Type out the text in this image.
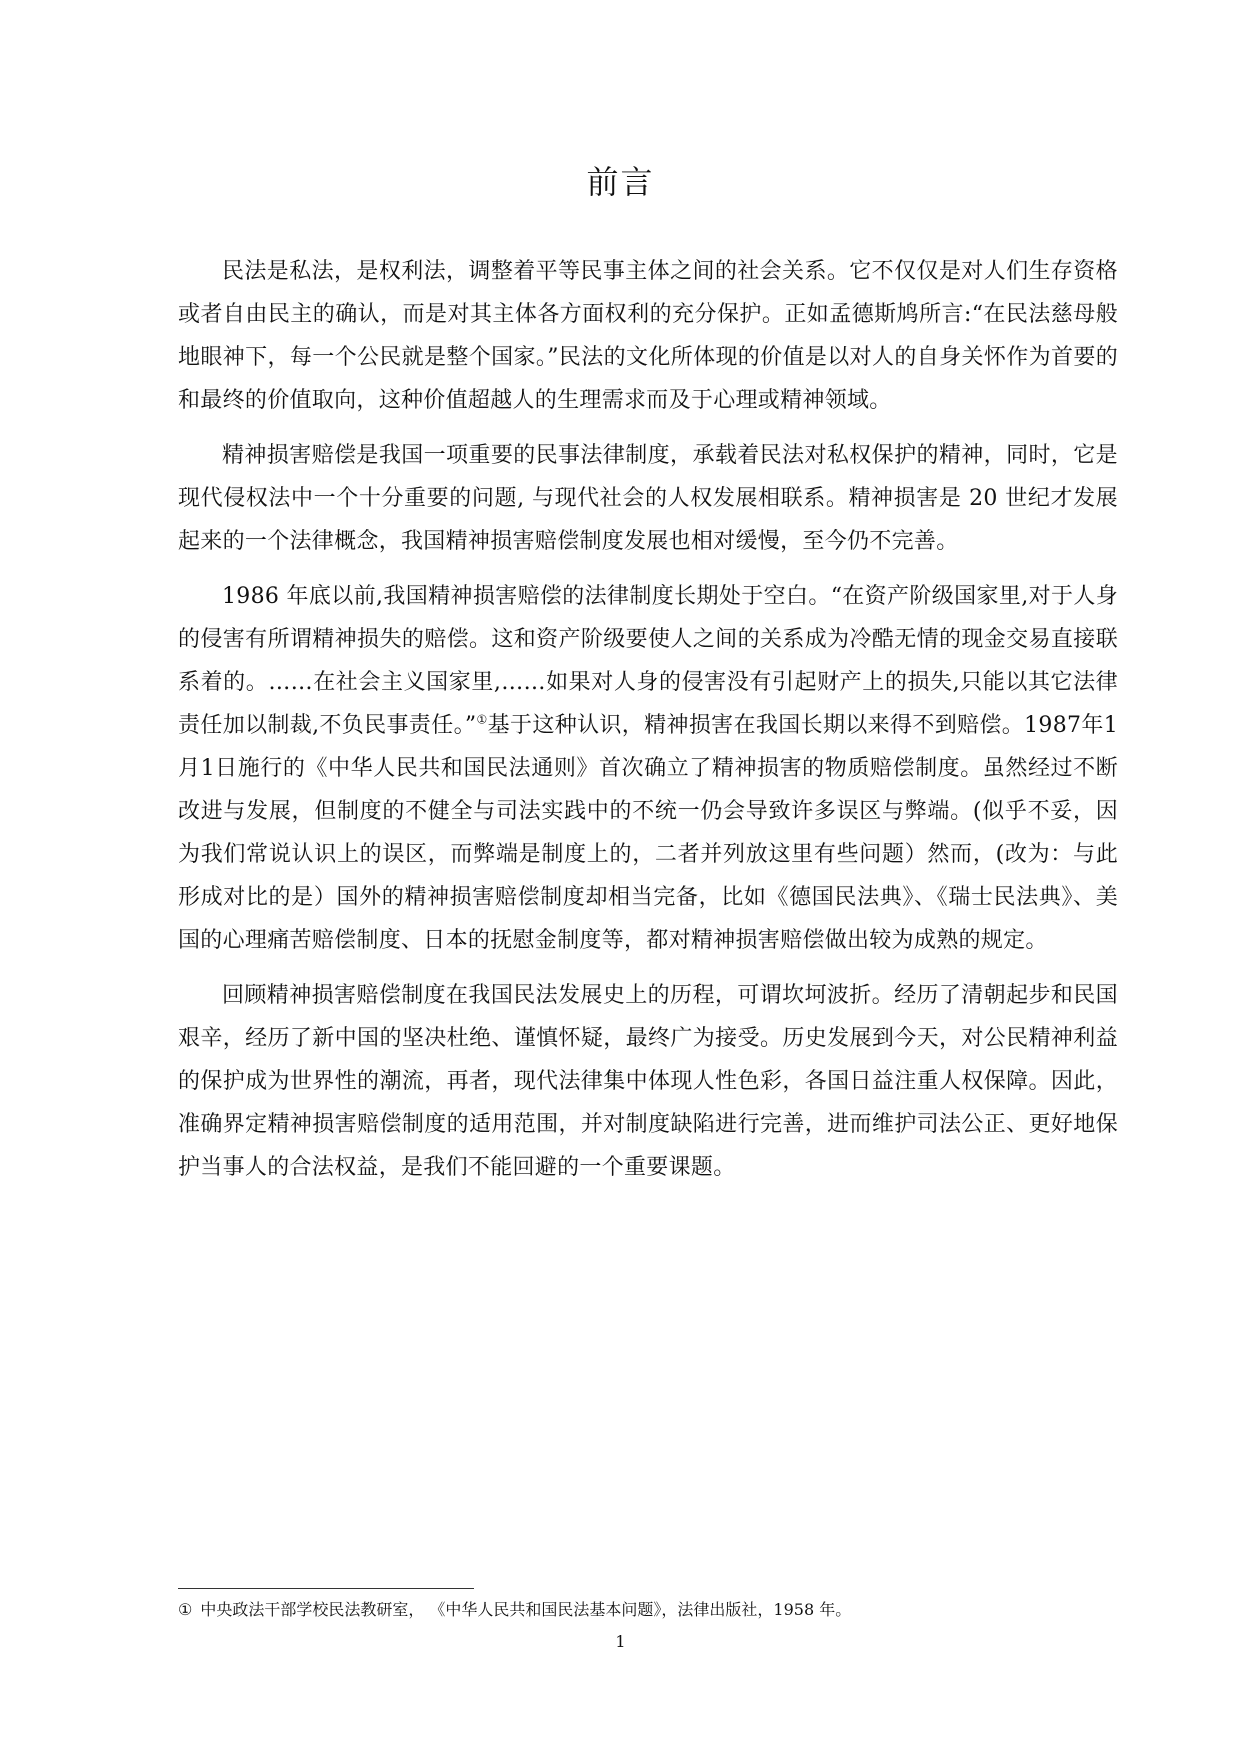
前言

民法是私法，是权利法，调整着平等民事主体之间的社会关系。它不仅仅是对人们生存资格或者自由民主的确认，而是对其主体各方面权利的充分保护。正如孟德斯鸠所言:“在民法慈母般地眼神下，每一个公民就是整个国家。”民法的文化所体现的价值是以对人的自身关怀作为首要的和最终的价值取向，这种价值超越人的生理需求而及于心理或精神领域。

精神损害赔偿是我国一项重要的民事法律制度，承载着民法对私权保护的精神，同时，它是现代侵权法中一个十分重要的问题, 与现代社会的人权发展相联系。精神损害是 20 世纪才发展起来的一个法律概念，我国精神损害赔偿制度发展也相对缓慢，至今仍不完善。

1986 年底以前,我国精神损害赔偿的法律制度长期处于空白。“在资产阶级国家里,对于人身的侵害有所谓精神损失的赔偿。这和资产阶级要使人之间的关系成为冷酷无情的现金交易直接联系着的。……在社会主义国家里,……如果对人身的侵害没有引起财产上的损失,只能以其它法律责任加以制裁,不负民事责任。”①基于这种认识，精神损害在我国长期以来得不到赔偿。1987年1月1日施行的《中华人民共和国民法通则》首次确立了精神损害的物质赔偿制度。虽然经过不断改进与发展，但制度的不健全与司法实践中的不统一仍会导致许多误区与弊端。(似乎不妥，因为我们常说认识上的误区，而弊端是制度上的，二者并列放这里有些问题）然而，(改为：与此形成对比的是）国外的精神损害赔偿制度却相当完备，比如《德国民法典》、《瑞士民法典》、美国的心理痛苦赔偿制度、日本的抚慰金制度等，都对精神损害赔偿做出较为成熟的规定。

回顾精神损害赔偿制度在我国民法发展史上的历程，可谓坎坷波折。经历了清朝起步和民国艰辛，经历了新中国的坚决杜绝、谨慎怀疑，最终广为接受。历史发展到今天，对公民精神利益的保护成为世界性的潮流，再者，现代法律集中体现人性色彩，各国日益注重人权保障。因此，准确界定精神损害赔偿制度的适用范围，并对制度缺陷进行完善，进而维护司法公正、更好地保护当事人的合法权益，是我们不能回避的一个重要课题。

① 中央政法干部学校民法教研室， 《中华人民共和国民法基本问题》，法律出版社，1958 年。

1
